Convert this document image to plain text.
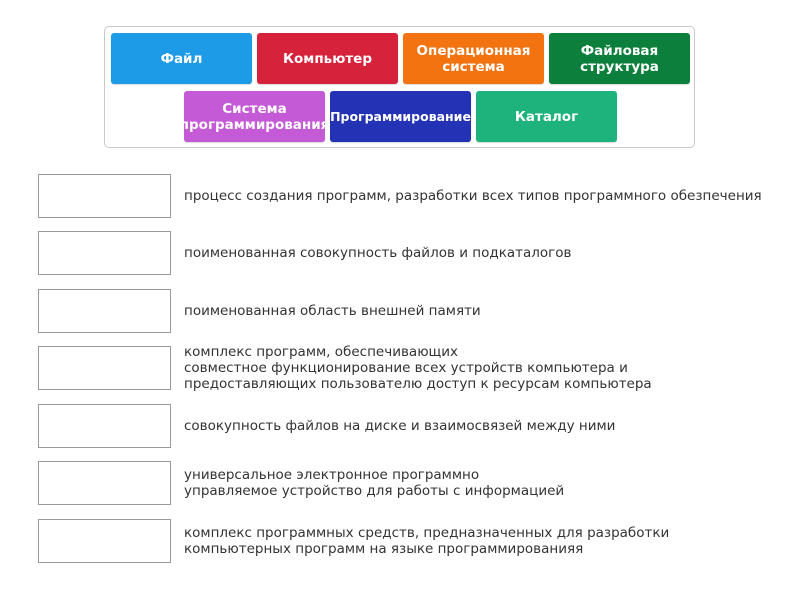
Файл	Компьютер	Операционная
система
Файловая
структура
Система
программирования
Программирование	Каталог
процесс создания программ, разработки всех типов программного обезпечения
поименованная совокупность файлов и подкаталогов
поименованная область внешней памяти
комплекс программ, обеспечивающих
совместное функционирование всех устройств компьютера и
предоставляющих пользователю доступ к ресурсам компьютера
совокупность файлов на диске и взаимосвязей между ними
универсальное электронное программно
управляемое устройство для работы с информацией
комплекс программных средств, предназначенных для разработки
компьютерных программ на языке программированияя
